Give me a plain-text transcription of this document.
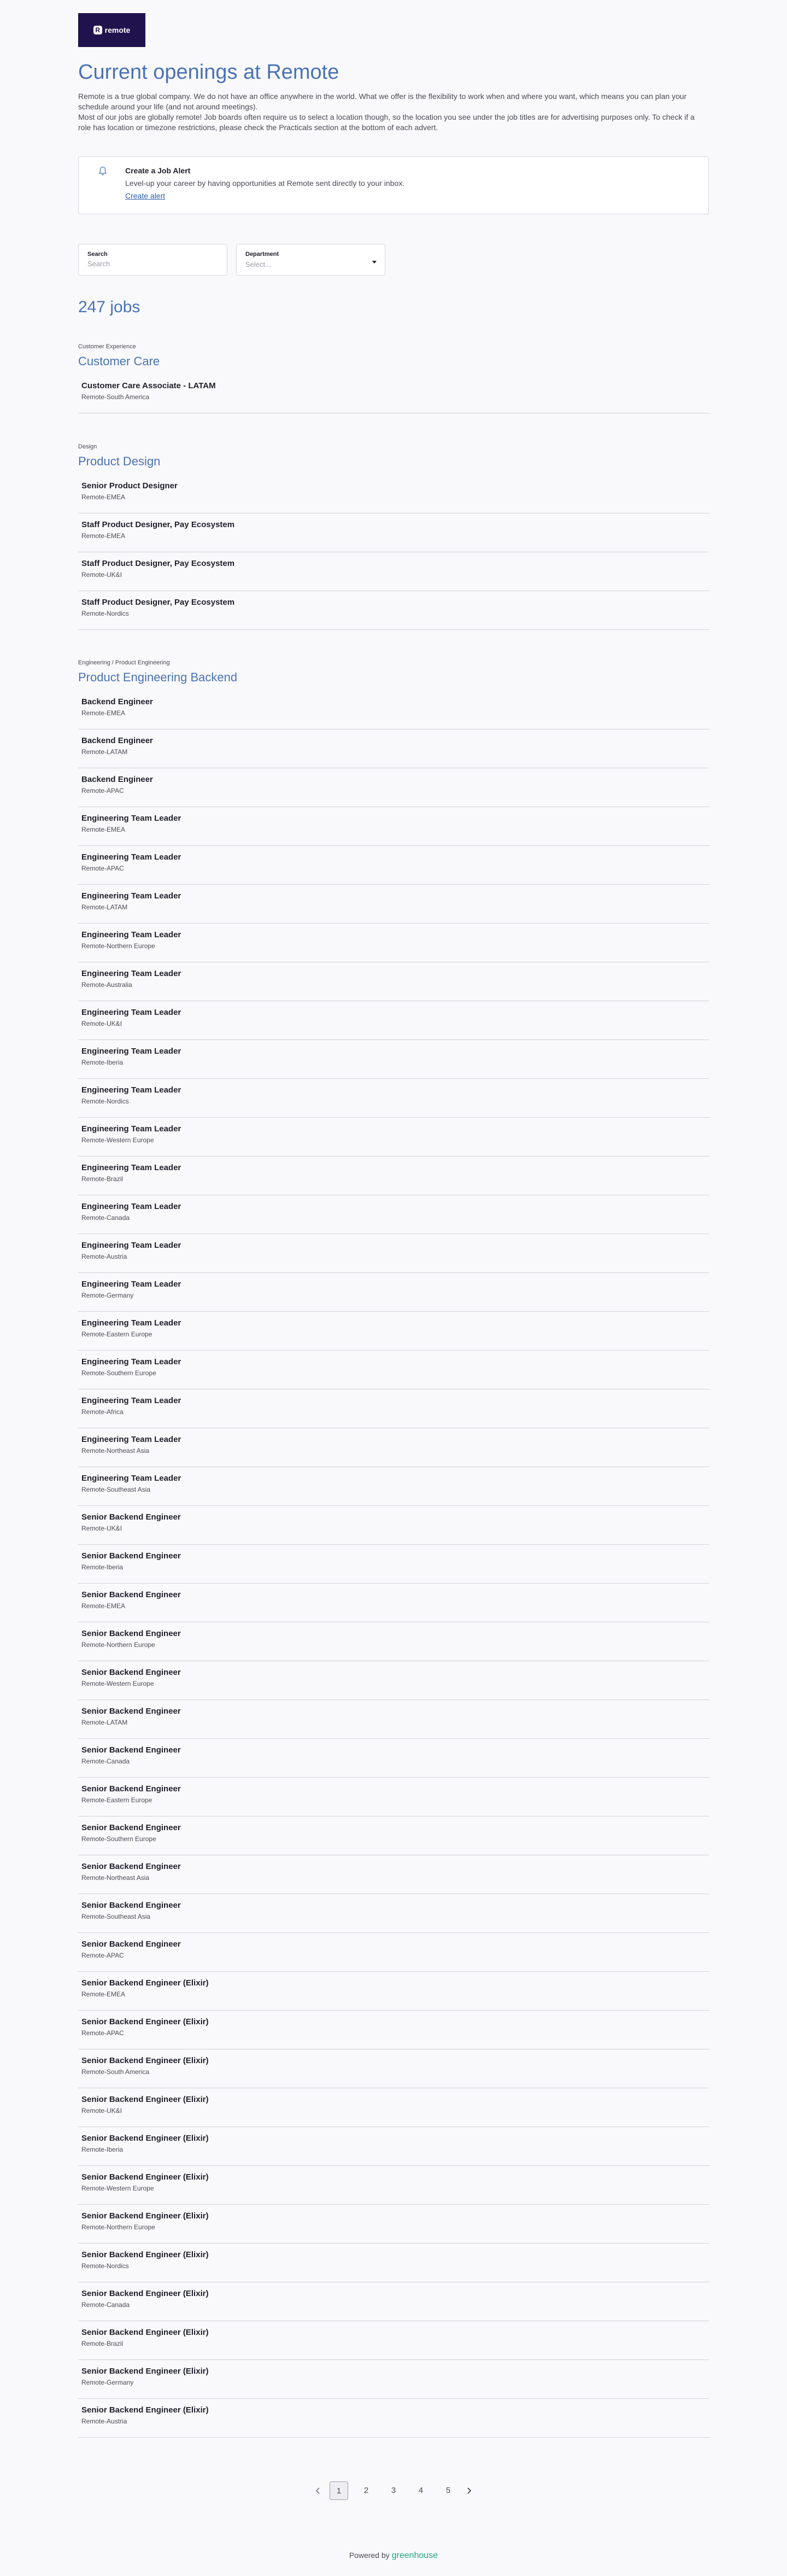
R remote
Current openings at Remote

Remote is a true global company. We do not have an office anywhere in the world. What we offer is the flexibility to work when and where you want, which means you can plan your schedule around your life (and not around meetings).

Most of our jobs are globally remote! Job boards often require us to select a location though, so the location you see under the job titles are for advertising purposes only. To check if a role has location or timezone restrictions, please check the Practicals section at the bottom of each advert.

Create a Job Alert
Level-up your career by having opportunities at Remote sent directly to your inbox.
Create alert
Search
Search	Department
Select...
247 jobs
Customer Experience
Customer Care
Customer Care Associate - LATAM
Remote-South America
Design
Product Design
Senior Product Designer
Remote-EMEA
Staff Product Designer, Pay Ecosystem
Remote-EMEA
Staff Product Designer, Pay Ecosystem
Remote-UK&I
Staff Product Designer, Pay Ecosystem
Remote-Nordics
Engineering / Product Engineering
Product Engineering Backend
Backend Engineer
Remote-EMEA
Backend Engineer
Remote-LATAM
Backend Engineer
Remote-APAC
Engineering Team Leader
Remote-EMEA
Engineering Team Leader
Remote-APAC
Engineering Team Leader
Remote-LATAM
Engineering Team Leader
Remote-Northern Europe
Engineering Team Leader
Remote-Australia
Engineering Team Leader
Remote-UK&I
Engineering Team Leader
Remote-Iberia
Engineering Team Leader
Remote-Nordics
Engineering Team Leader
Remote-Western Europe
Engineering Team Leader
Remote-Brazil
Engineering Team Leader
Remote-Canada
Engineering Team Leader
Remote-Austria
Engineering Team Leader
Remote-Germany
Engineering Team Leader
Remote-Eastern Europe
Engineering Team Leader
Remote-Southern Europe
Engineering Team Leader
Remote-Africa
Engineering Team Leader
Remote-Northeast Asia
Engineering Team Leader
Remote-Southeast Asia
Senior Backend Engineer
Remote-UK&I
Senior Backend Engineer
Remote-Iberia
Senior Backend Engineer
Remote-EMEA
Senior Backend Engineer
Remote-Northern Europe
Senior Backend Engineer
Remote-Western Europe
Senior Backend Engineer
Remote-LATAM
Senior Backend Engineer
Remote-Canada
Senior Backend Engineer
Remote-Eastern Europe
Senior Backend Engineer
Remote-Southern Europe
Senior Backend Engineer
Remote-Northeast Asia
Senior Backend Engineer
Remote-Southeast Asia
Senior Backend Engineer
Remote-APAC
Senior Backend Engineer (Elixir)
Remote-EMEA
Senior Backend Engineer (Elixir)
Remote-APAC
Senior Backend Engineer (Elixir)
Remote-South America
Senior Backend Engineer (Elixir)
Remote-UK&I
Senior Backend Engineer (Elixir)
Remote-Iberia
Senior Backend Engineer (Elixir)
Remote-Western Europe
Senior Backend Engineer (Elixir)
Remote-Northern Europe
Senior Backend Engineer (Elixir)
Remote-Nordics
Senior Backend Engineer (Elixir)
Remote-Canada
Senior Backend Engineer (Elixir)
Remote-Brazil
Senior Backend Engineer (Elixir)
Remote-Germany
Senior Backend Engineer (Elixir)
Remote-Austria
1	2	3	4	5
Powered by greenhouse
